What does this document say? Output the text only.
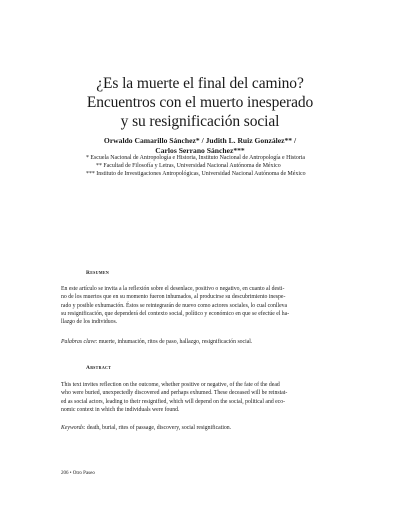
¿Es la muerte el final del camino?
Encuentros con el muerto inesperado
y su resignificación social
Orwaldo Camarillo Sánchez* / Judith L. Ruiz González** /
Carlos Serrano Sánchez***
* Escuela Nacional de Antropología e Historia, Instituto Nacional de Antropología e Historia
** Facultad de Filosofía y Letras, Universidad Nacional Autónoma de México
*** Instituto de Investigaciones Antropológicas, Universidad Nacional Autónoma de México
Resumen
En este artículo se invita a la reflexión sobre el desenlace, positivo o negativo, en cuanto al desti-
no de los muertos que en su momento fueron inhumados, al producirse su descubrimiento inespe-
rado y posible exhumación. Éstos se reintegrarán de nuevo como actores sociales, lo cual conlleva
su resignificación, que dependerá del contexto social, político y económico en que se efectúe el ha-
llazgo de los individuos.
Palabras clave: muerte, inhumación, ritos de paso, hallazgo, resignificación social.
Abstract
This text invites reflection on the outcome, whether positive or negative, of the fate of the dead
who were buried, unexpectedly discovered and perhaps exhumed. These deceased will be reinstat-
ed as social actors, leading to their resignified, which will depend on the social, political and eco-
nomic context in which the individuals were found.
Keywords: death, burial, rites of passage, discovery, social resignification.
206 • Otro Paseo
